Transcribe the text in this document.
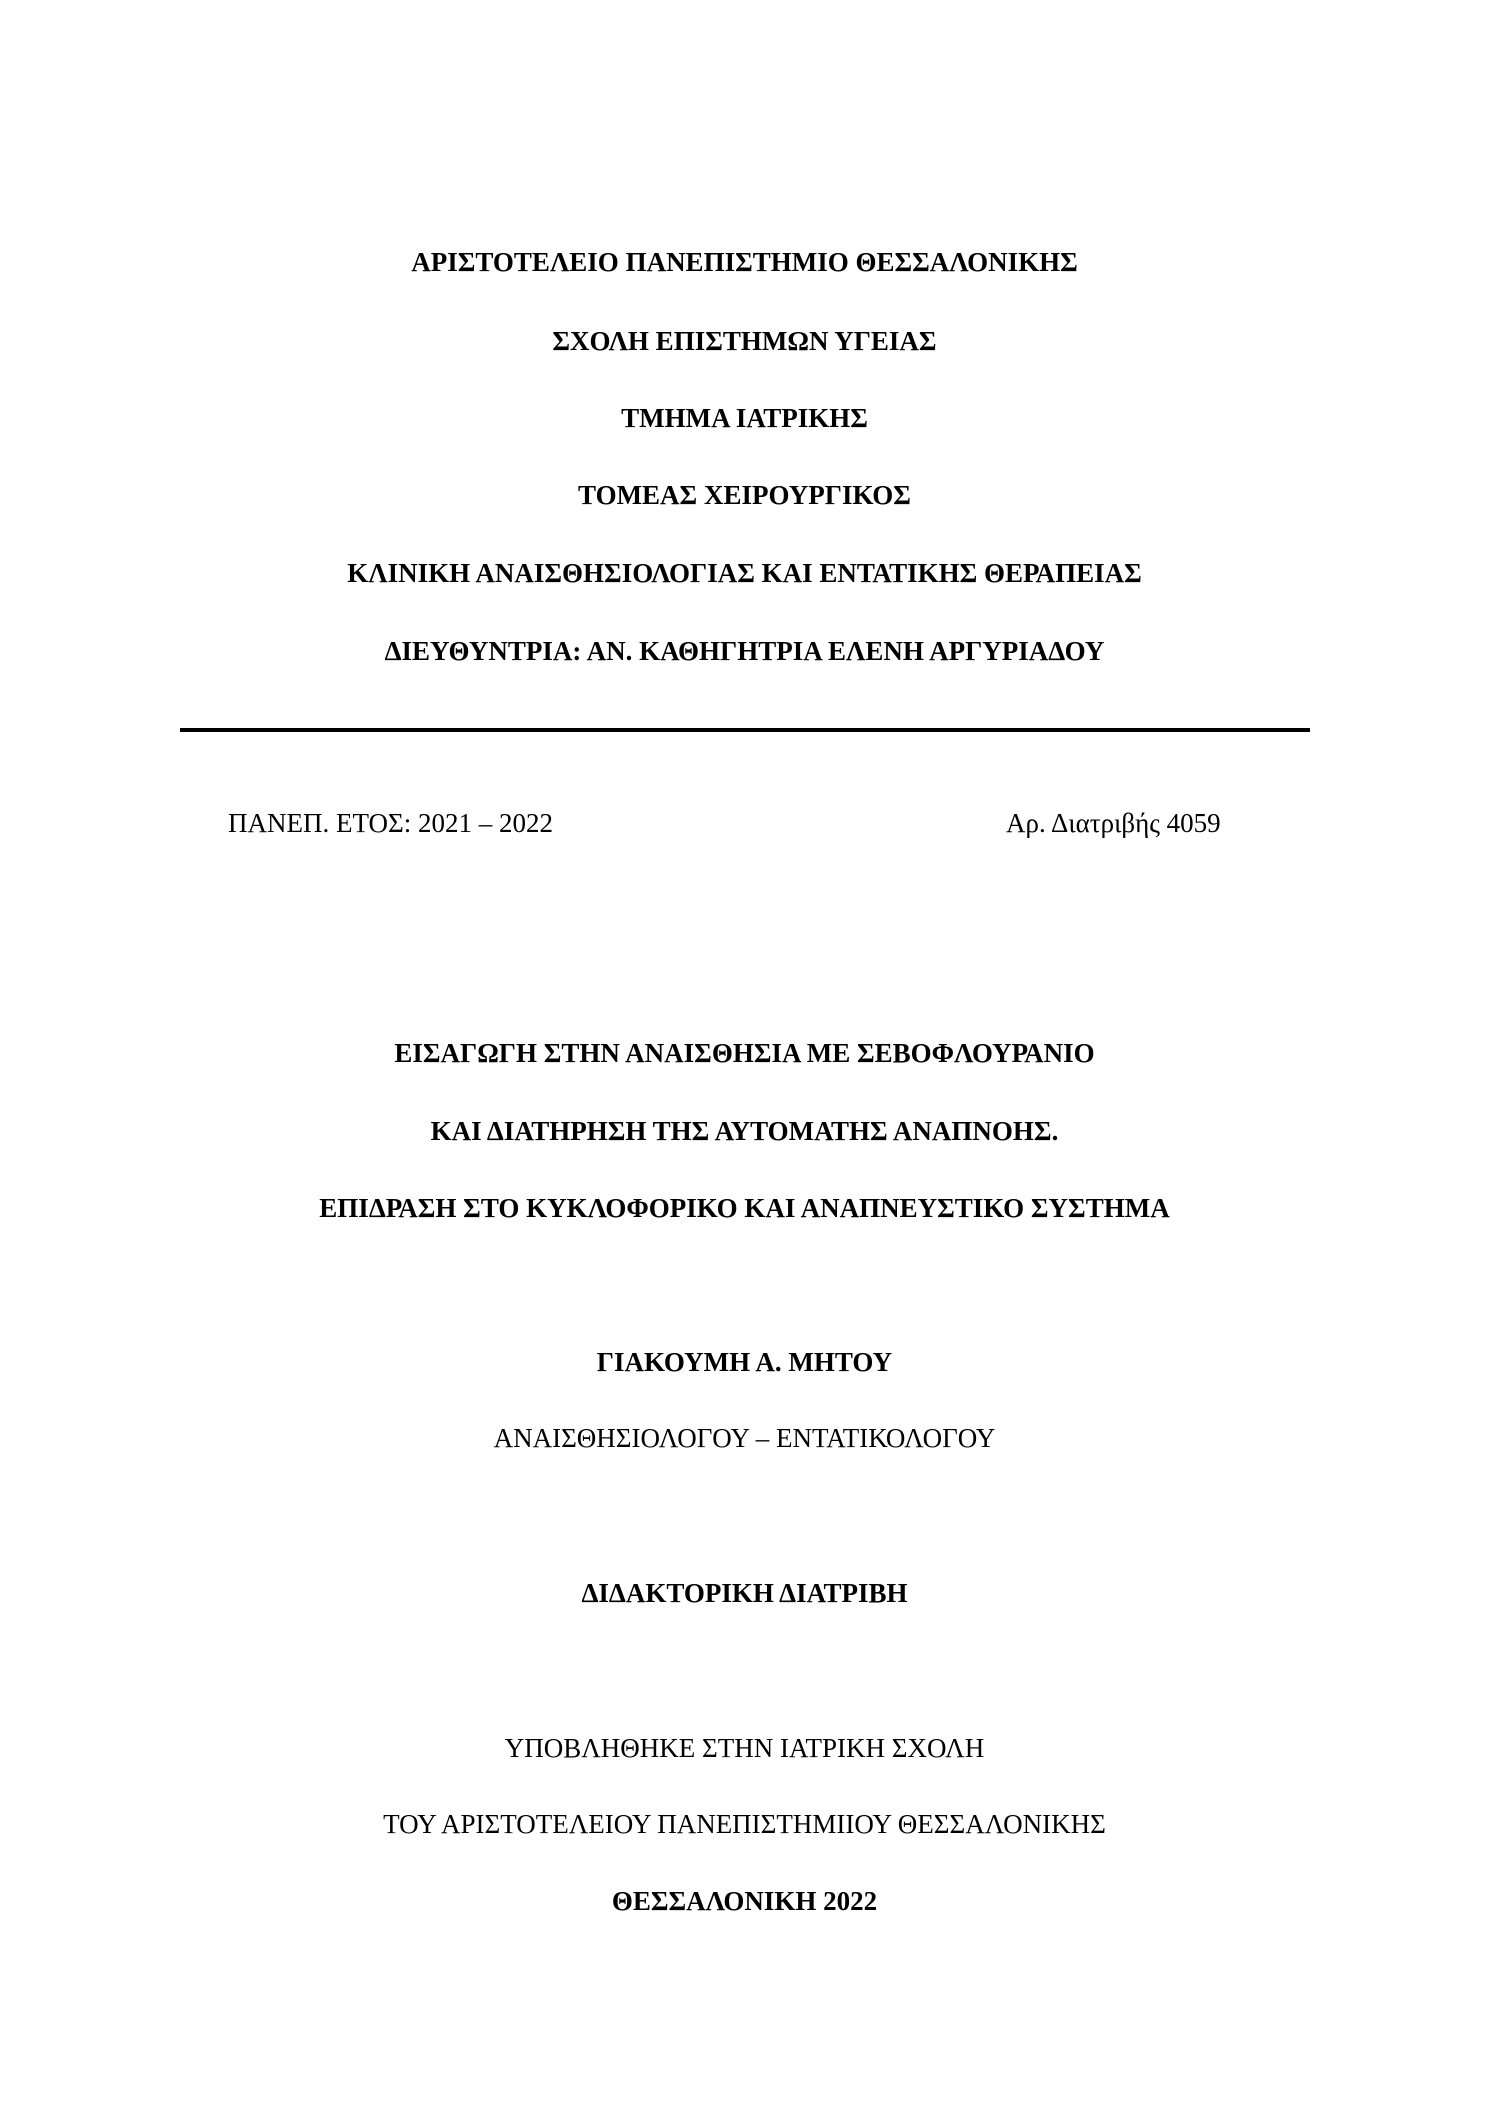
ΑΡΙΣΤΟΤΕΛΕΙΟ ΠΑΝΕΠΙΣΤΗΜΙΟ ΘΕΣΣΑΛΟΝΙΚΗΣ
ΣΧΟΛΗ ΕΠΙΣΤΗΜΩΝ ΥΓΕΙΑΣ
ΤΜΗΜΑ ΙΑΤΡΙΚΗΣ
ΤΟΜΕΑΣ ΧΕΙΡΟΥΡΓΙΚΟΣ
ΚΛΙΝΙΚΗ ΑΝΑΙΣΘΗΣΙΟΛΟΓΙΑΣ ΚΑΙ ΕΝΤΑΤΙΚΗΣ ΘΕΡΑΠΕΙΑΣ
ΔΙΕΥΘΥΝΤΡΙΑ: ΑΝ. ΚΑΘΗΓΗΤΡΙΑ ΕΛΕΝΗ ΑΡΓΥΡΙΑΔΟΥ
ΠΑΝΕΠ. ΕΤΟΣ: 2021 – 2022	Αρ. Διατριβής 4059
ΕΙΣΑΓΩΓΗ ΣΤΗΝ ΑΝΑΙΣΘΗΣΙΑ ΜΕ ΣΕΒΟΦΛΟΥΡΑΝΙΟ
ΚΑΙ ΔΙΑΤΗΡΗΣΗ ΤΗΣ ΑΥΤΟΜΑΤΗΣ ΑΝΑΠΝΟΗΣ.
ΕΠΙΔΡΑΣΗ ΣΤΟ ΚΥΚΛΟΦΟΡΙΚΟ ΚΑΙ ΑΝΑΠΝΕΥΣΤΙΚΟ ΣΥΣΤΗΜΑ
ΓΙΑΚΟΥΜΗ Α. ΜΗΤΟΥ
ΑΝΑΙΣΘΗΣΙΟΛΟΓΟΥ – ΕΝΤΑΤΙΚΟΛΟΓΟΥ
ΔΙΔΑΚΤΟΡΙΚΗ ΔΙΑΤΡΙΒΗ
ΥΠΟΒΛΗΘΗΚΕ ΣΤΗΝ ΙΑΤΡΙΚΗ ΣΧΟΛΗ
ΤΟΥ ΑΡΙΣΤΟΤΕΛΕΙΟΥ ΠΑΝΕΠΙΣΤΗΜΙΙΟΥ ΘΕΣΣΑΛΟΝΙΚΗΣ
ΘΕΣΣΑΛΟΝΙΚΗ 2022
